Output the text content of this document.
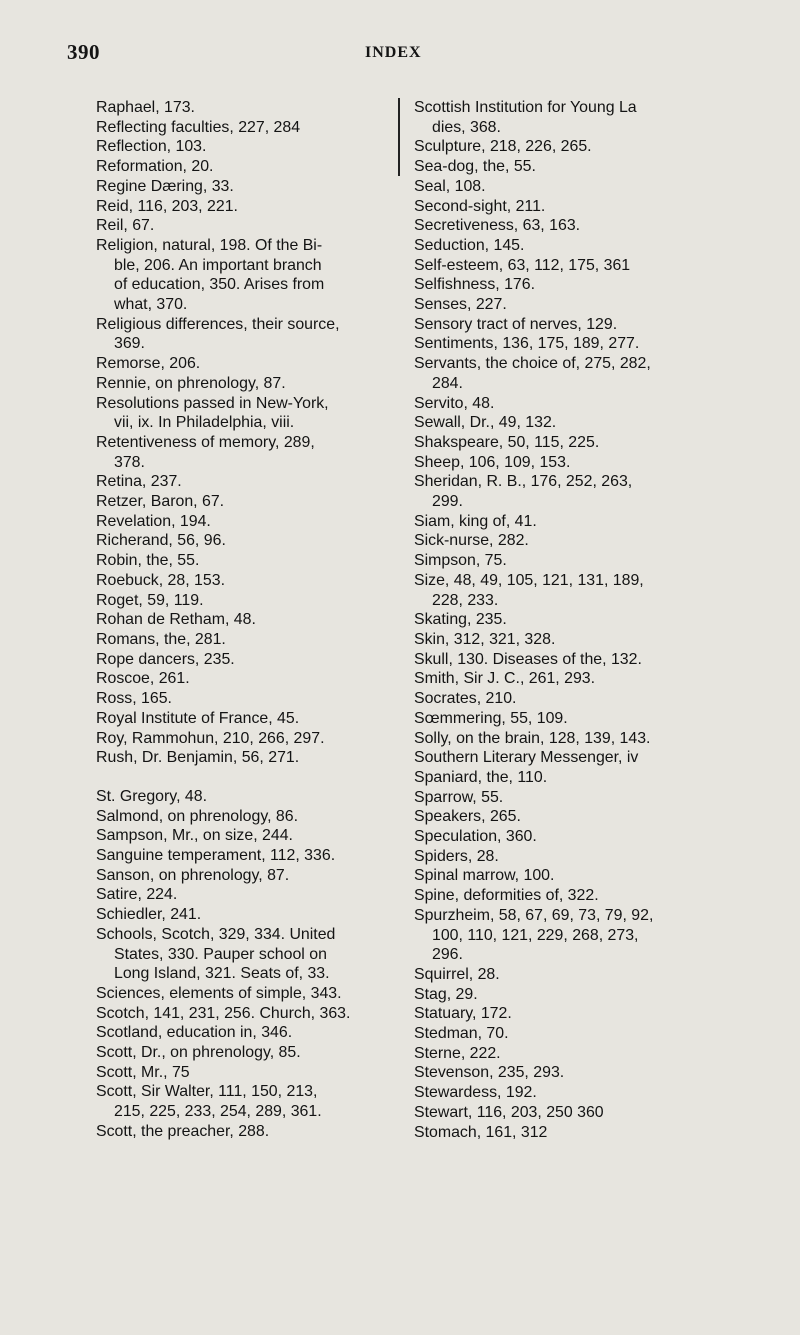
390	INDEX
Raphael, 173.
Reflecting faculties, 227, 284
Reflection, 103.
Reformation, 20.
Regine Dæring, 33.
Reid, 116, 203, 221.
Reil, 67.
Religion, natural, 198. Of the Bi-
ble, 206. An important branch
of education, 350. Arises from
what, 370.
Religious differences, their source,
369.
Remorse, 206.
Rennie, on phrenology, 87.
Resolutions passed in New-York,
vii, ix. In Philadelphia, viii.
Retentiveness of memory, 289,
378.
Retina, 237.
Retzer, Baron, 67.
Revelation, 194.
Richerand, 56, 96.
Robin, the, 55.
Roebuck, 28, 153.
Roget, 59, 119.
Rohan de Retham, 48.
Romans, the, 281.
Rope dancers, 235.
Roscoe, 261.
Ross, 165.
Royal Institute of France, 45.
Roy, Rammohun, 210, 266, 297.
Rush, Dr. Benjamin, 56, 271.
St. Gregory, 48.
Salmond, on phrenology, 86.
Sampson, Mr., on size, 244.
Sanguine temperament, 112, 336.
Sanson, on phrenology, 87.
Satire, 224.
Schiedler, 241.
Schools, Scotch, 329, 334. United
States, 330. Pauper school on
Long Island, 321. Seats of, 33.
Sciences, elements of simple, 343.
Scotch, 141, 231, 256. Church, 363.
Scotland, education in, 346.
Scott, Dr., on phrenology, 85.
Scott, Mr., 75
Scott, Sir Walter, 111, 150, 213,
215, 225, 233, 254, 289, 361.
Scott, the preacher, 288.
Scottish Institution for Young La
dies, 368.
Sculpture, 218, 226, 265.
Sea-dog, the, 55.
Seal, 108.
Second-sight, 211.
Secretiveness, 63, 163.
Seduction, 145.
Self-esteem, 63, 112, 175, 361
Selfishness, 176.
Senses, 227.
Sensory tract of nerves, 129.
Sentiments, 136, 175, 189, 277.
Servants, the choice of, 275, 282,
284.
Servito, 48.
Sewall, Dr., 49, 132.
Shakspeare, 50, 115, 225.
Sheep, 106, 109, 153.
Sheridan, R. B., 176, 252, 263,
299.
Siam, king of, 41.
Sick-nurse, 282.
Simpson, 75.
Size, 48, 49, 105, 121, 131, 189,
228, 233.
Skating, 235.
Skin, 312, 321, 328.
Skull, 130. Diseases of the, 132.
Smith, Sir J. C., 261, 293.
Socrates, 210.
Sœmmering, 55, 109.
Solly, on the brain, 128, 139, 143.
Southern Literary Messenger, iv
Spaniard, the, 110.
Sparrow, 55.
Speakers, 265.
Speculation, 360.
Spiders, 28.
Spinal marrow, 100.
Spine, deformities of, 322.
Spurzheim, 58, 67, 69, 73, 79, 92,
100, 110, 121, 229, 268, 273,
296.
Squirrel, 28.
Stag, 29.
Statuary, 172.
Stedman, 70.
Sterne, 222.
Stevenson, 235, 293.
Stewardess, 192.
Stewart, 116, 203, 250 360
Stomach, 161, 312
